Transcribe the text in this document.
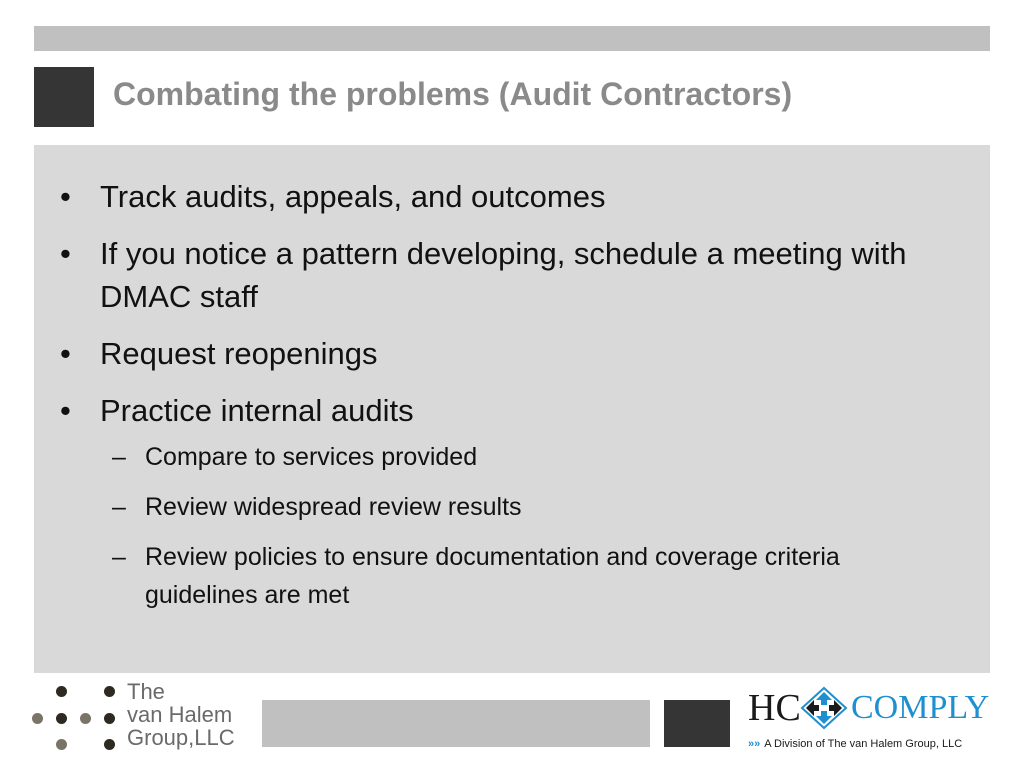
Combating the problems (Audit Contractors)
• Track audits, appeals, and outcomes
• If you notice a pattern developing, schedule a meeting with DMAC staff
• Request reopenings
• Practice internal audits
– Compare to services provided
– Review widespread review results
– Review policies to ensure documentation and coverage criteria guidelines are met
The
van Halem
Group,LLC
HC COMPLY
»» A Division of The van Halem Group, LLC
